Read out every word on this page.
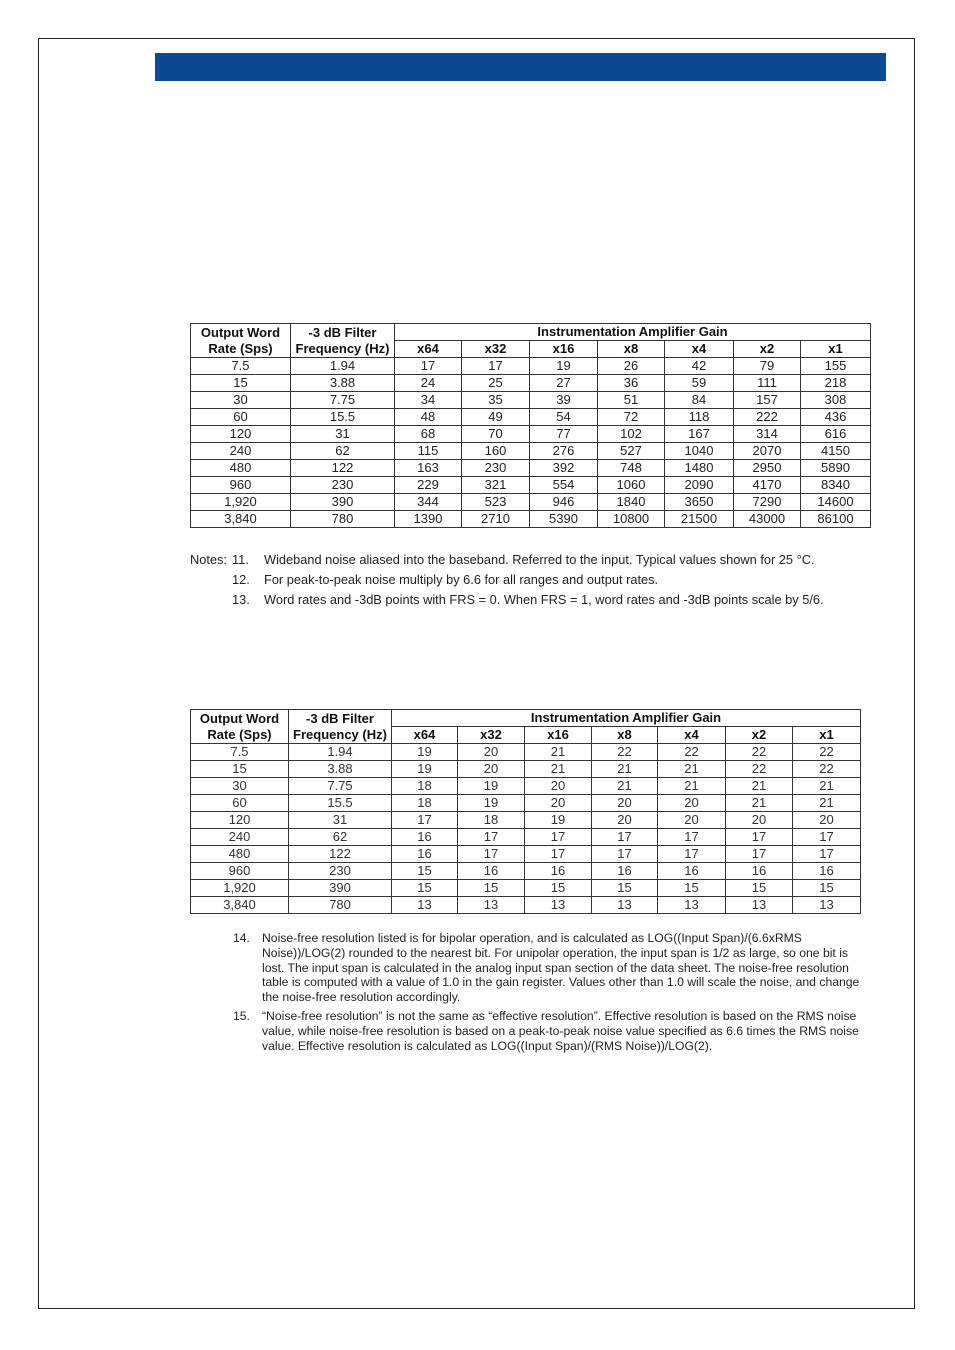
Output Word
Rate (Sps)	-3 dB Filter
Frequency (Hz)	Instrumentation Amplifier Gain						
		x64	x32	x16	x8	x4	x2	x1
7.5	1.94	17	17	19	26	42	79	155
15	3.88	24	25	27	36	59	111	218
30	7.75	34	35	39	51	84	157	308
60	15.5	48	49	54	72	118	222	436
120	31	68	70	77	102	167	314	616
240	62	115	160	276	527	1040	2070	4150
480	122	163	230	392	748	1480	2950	5890
960	230	229	321	554	1060	2090	4170	8340
1,920	390	344	523	946	1840	3650	7290	14600
3,840	780	1390	2710	5390	10800	21500	43000	86100
Notes: 11. Wideband noise aliased into the baseband. Referred to the input. Typical values shown for 25 °C.
12. For peak-to-peak noise multiply by 6.6 for all ranges and output rates.
13. Word rates and -3dB points with FRS = 0. When FRS = 1, word rates and -3dB points scale by 5/6.
Output Word
Rate (Sps)	-3 dB Filter
Frequency (Hz)	Instrumentation Amplifier Gain						
		x64	x32	x16	x8	x4	x2	x1
7.5	1.94	19	20	21	22	22	22	22
15	3.88	19	20	21	21	21	22	22
30	7.75	18	19	20	21	21	21	21
60	15.5	18	19	20	20	20	21	21
120	31	17	18	19	20	20	20	20
240	62	16	17	17	17	17	17	17
480	122	16	17	17	17	17	17	17
960	230	15	16	16	16	16	16	16
1,920	390	15	15	15	15	15	15	15
3,840	780	13	13	13	13	13	13	13
14. Noise-free resolution listed is for bipolar operation, and is calculated as LOG((Input Span)/(6.6xRMS Noise))/LOG(2) rounded to the nearest bit. For unipolar operation, the input span is 1/2 as large, so one bit is lost. The input span is calculated in the analog input span section of the data sheet. The noise-free resolution table is computed with a value of 1.0 in the gain register. Values other than 1.0 will scale the noise, and change the noise-free resolution accordingly.
15. “Noise-free resolution” is not the same as “effective resolution”. Effective resolution is based on the RMS noise value, while noise-free resolution is based on a peak-to-peak noise value specified as 6.6 times the RMS noise value. Effective resolution is calculated as LOG((Input Span)/(RMS Noise))/LOG(2).
